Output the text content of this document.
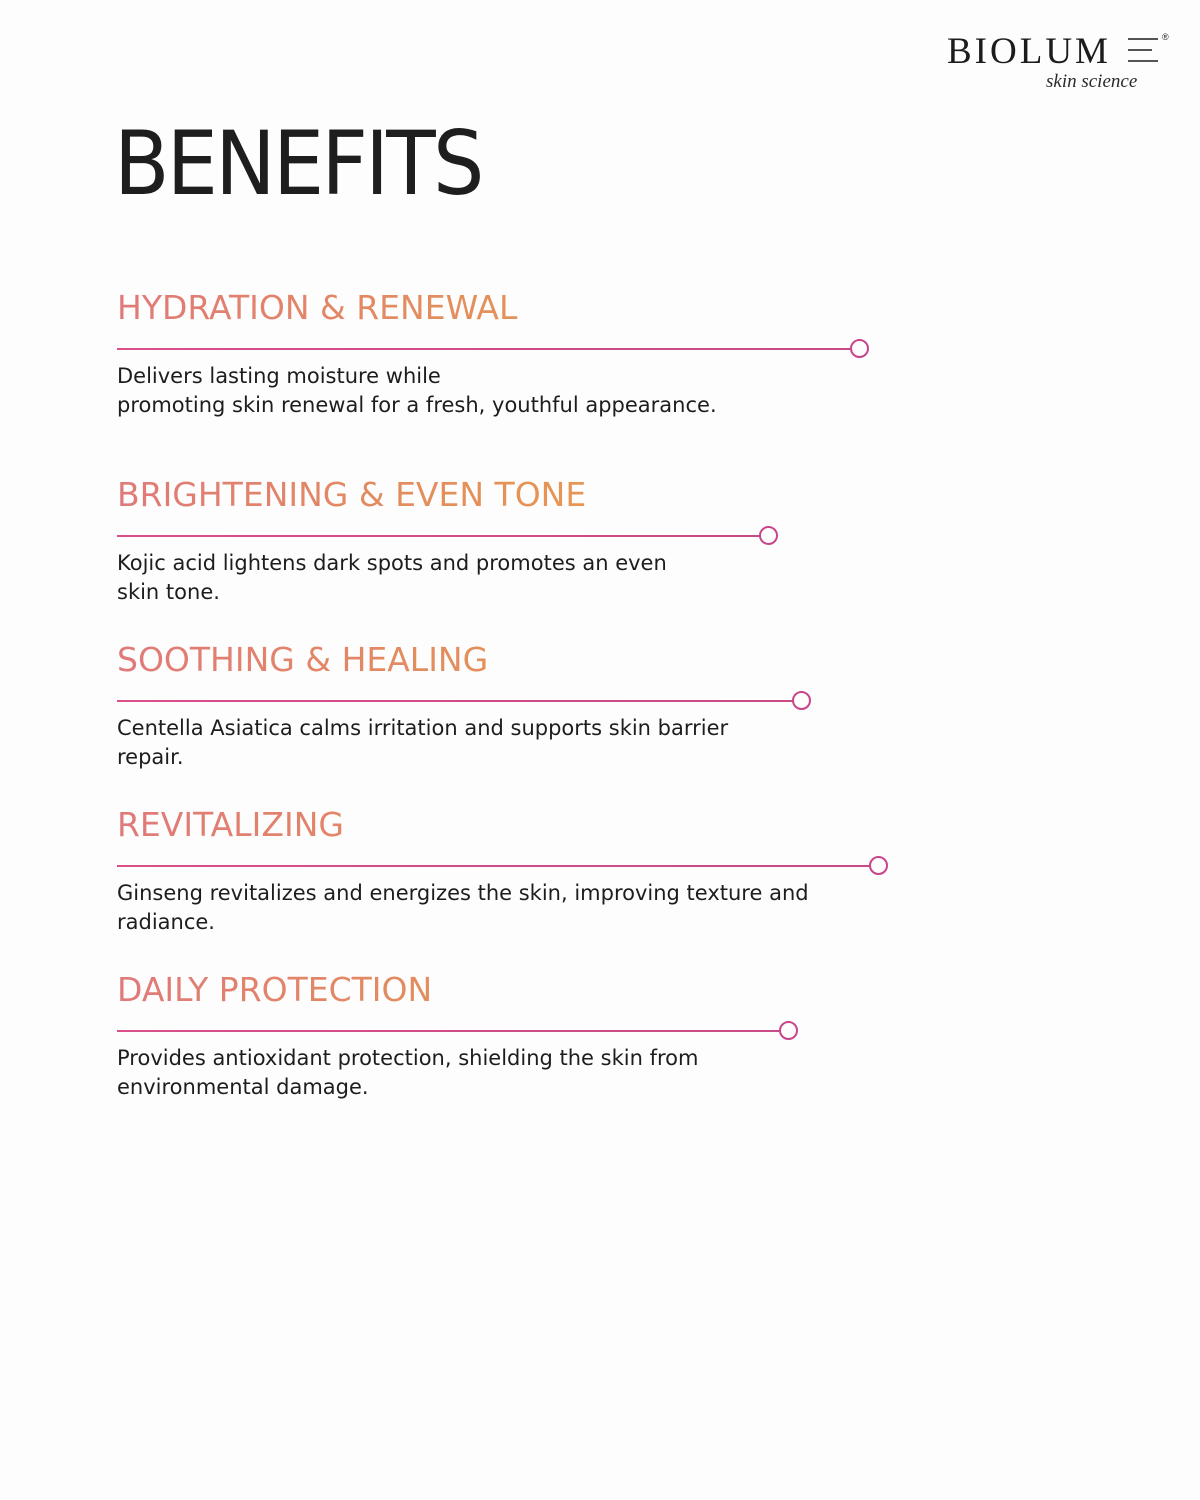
BIOLUM	®
skin science
BENEFITS
HYDRATION & RENEWAL

Delivers lasting moisture while
promoting skin renewal for a fresh, youthful appearance.

BRIGHTENING & EVEN TONE

Kojic acid lightens dark spots and promotes an even
skin tone.

SOOTHING & HEALING

Centella Asiatica calms irritation and supports skin barrier
repair.

REVITALIZING

Ginseng revitalizes and energizes the skin, improving texture and
radiance.

DAILY PROTECTION

Provides antioxidant protection, shielding the skin from
environmental damage.
